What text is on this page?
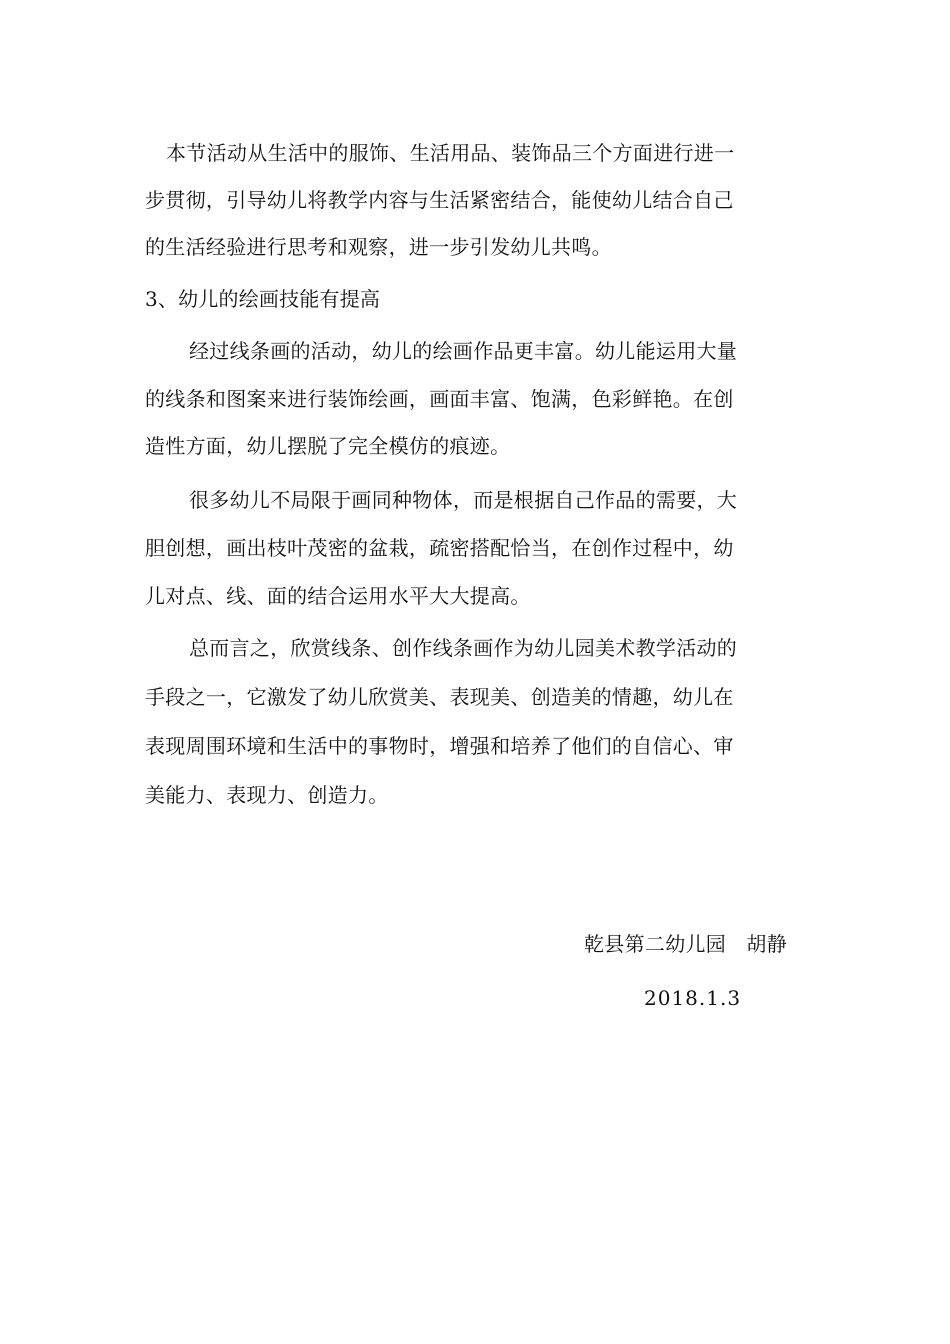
本节活动从生活中的服饰、生活用品、装饰品三个方面进行进一
步贯彻，引导幼儿将教学内容与生活紧密结合，能使幼儿结合自己
的生活经验进行思考和观察，进一步引发幼儿共鸣。
3、幼儿的绘画技能有提高
经过线条画的活动，幼儿的绘画作品更丰富。幼儿能运用大量
的线条和图案来进行装饰绘画，画面丰富、饱满，色彩鲜艳。在创
造性方面，幼儿摆脱了完全模仿的痕迹。
很多幼儿不局限于画同种物体，而是根据自己作品的需要，大
胆创想，画出枝叶茂密的盆栽，疏密搭配恰当，在创作过程中，幼
儿对点、线、面的结合运用水平大大提高。
总而言之，欣赏线条、创作线条画作为幼儿园美术教学活动的
手段之一，它激发了幼儿欣赏美、表现美、创造美的情趣，幼儿在
表现周围环境和生活中的事物时，增强和培养了他们的自信心、审
美能力、表现力、创造力。
乾县第二幼儿园　胡静
2018.1.3
